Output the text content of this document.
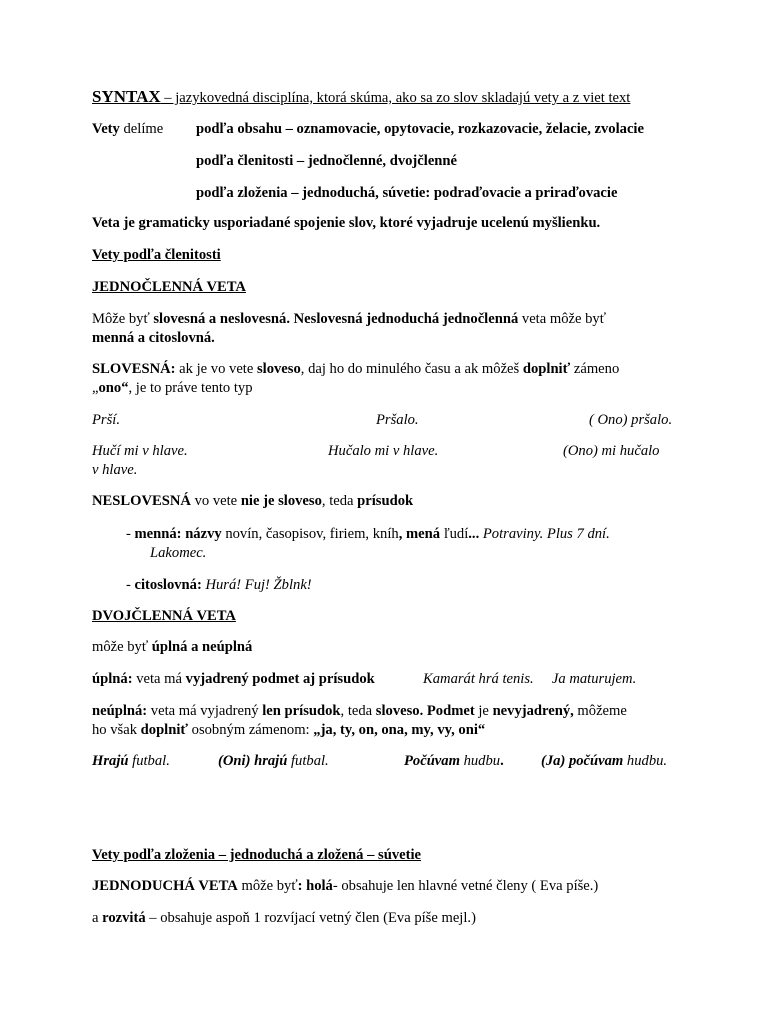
SYNTAX – jazykovedná disciplína, ktorá skúma, ako sa zo slov skladajú vety a z viet text
Vety delíme podľa obsahu – oznamovacie, opytovacie, rozkazovacie, želacie, zvolacie
podľa členitosti – jednočlenné, dvojčlenné
podľa zloženia – jednoduchá, súvetie: podraďovacie a priraďovacie
Veta je gramaticky usporiadané spojenie slov, ktoré vyjadruje ucelenú myšlienku.
Vety podľa členitosti
JEDNOČLENNÁ VETA
Môže byť slovesná a neslovesná. Neslovesná jednoduchá jednočlenná veta môže byť
menná a citoslovná.
SLOVESNÁ: ak je vo vete sloveso, daj ho do minulého času a ak môžeš doplniť zámeno
„ono“, je to práve tento typ
Prší.	Pršalo.	( Ono) pršalo.
Hučí mi v hlave.	Hučalo mi v hlave.	(Ono) mi hučalo
v hlave.
NESLOVESNÁ vo vete nie je sloveso, teda prísudok
- menná: názvy novín, časopisov, firiem, kníh, mená ľudí... Potraviny. Plus 7 dní.
Lakomec.
- citoslovná: Hurá! Fuj! Žblnk!
DVOJČLENNÁ VETA
môže byť úplná a neúplná
úplná: veta má vyjadrený podmet aj prísudok	Kamarát hrá tenis.     Ja maturujem.
neúplná: veta má vyjadrený len prísudok, teda sloveso. Podmet je nevyjadrený, môžeme
ho však doplniť osobným zámenom: „ja, ty, on, ona, my, vy, oni“
Hrajú futbal.	(Oni) hrajú futbal.	Počúvam hudbu.	(Ja) počúvam hudbu.
Vety podľa zloženia – jednoduchá a zložená – súvetie
JEDNODUCHÁ VETA môže byť: holá- obsahuje len hlavné vetné členy ( Eva píše.)
a rozvitá – obsahuje aspoň 1 rozvíjací vetný člen (Eva píše mejl.)
